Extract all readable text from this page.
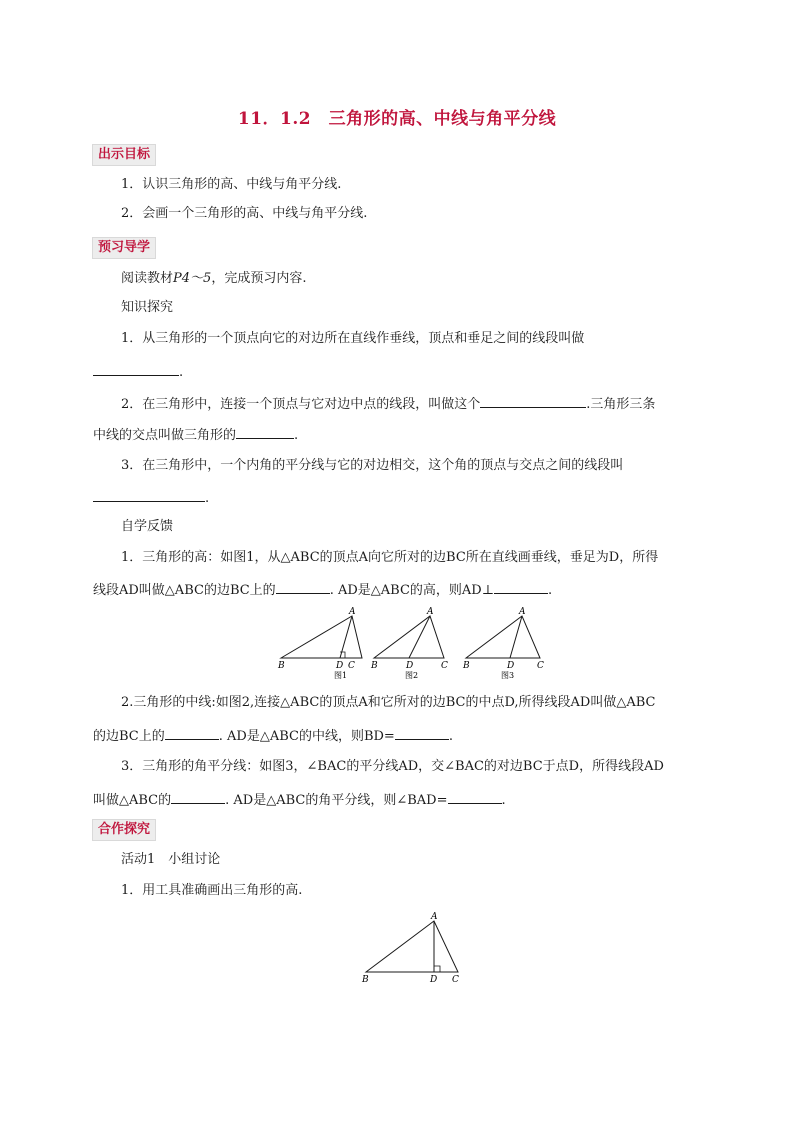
11．1.2　三角形的高、中线与角平分线
出示目标
1．认识三角形的高、中线与角平分线.
2．会画一个三角形的高、中线与角平分线.
预习导学
阅读教材P4～5，完成预习内容.
知识探究
1．从三角形的一个顶点向它的对边所在直线作垂线，顶点和垂足之间的线段叫做
.
2．在三角形中，连接一个顶点与它对边中点的线段，叫做这个	.三角形三条
中线的交点叫做三角形的	.
3．在三角形中，一个内角的平分线与它的对边相交，这个角的顶点与交点之间的线段叫
.
自学反馈
1．三角形的高：如图1，从△ABC的顶点A向它所对的边BC所在直线画垂线，垂足为D，所得
线段AD叫做△ABC的边BC上的	. AD是△ABC的高，则AD⊥	.
B	D C
A
图1
B	D	C
A
图2
B	D	C
A
图3
2.三角形的中线:如图2,连接△ABC的顶点A和它所对的边BC的中点D,所得线段AD叫做△ABC
的边BC上的	. AD是△ABC的中线，则BD=	.
3．三角形的角平分线：如图3，∠BAC的平分线AD，交∠BAC的对边BC于点D，所得线段AD
叫做△ABC的	. AD是△ABC的角平分线，则∠BAD=	.
合作探究
活动1　小组讨论
1．用工具准确画出三角形的高.
B	D C
A
